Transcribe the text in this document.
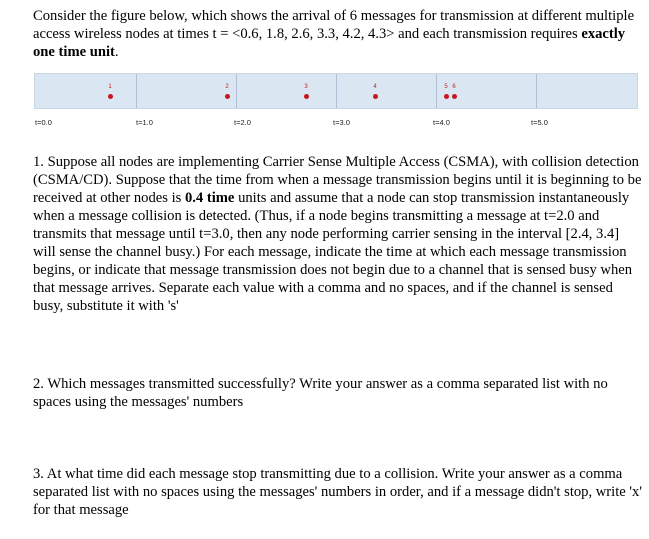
Consider the figure below, which shows the arrival of 6 messages for transmission at different multiple access wireless nodes at times t = <0.6, 1.8, 2.6, 3.3, 4.2, 4.3> and each transmission requires exactly one time unit.

1	2	3	4	5 6
t=0.0	t=1.0	t=2.0	t=3.0	t=4.0	t=5.0

1. Suppose all nodes are implementing Carrier Sense Multiple Access (CSMA), with collision detection (CSMA/CD). Suppose that the time from when a message transmission begins until it is beginning to be received at other nodes is 0.4 time units and assume that a node can stop transmission instantaneously when a message collision is detected. (Thus, if a node begins transmitting a message at t=2.0 and transmits that message until t=3.0, then any node performing carrier sensing in the interval [2.4, 3.4] will sense the channel busy.) For each message, indicate the time at which each message transmission begins, or indicate that message transmission does not begin due to a channel that is sensed busy when that message arrives. Separate each value with a comma and no spaces, and if the channel is sensed busy, substitute it with 's'

2. Which messages transmitted successfully? Write your answer as a comma separated list with no spaces using the messages' numbers

3. At what time did each message stop transmitting due to a collision. Write your answer as a comma separated list with no spaces using the messages' numbers in order, and if a message didn't stop, write 'x' for that message
